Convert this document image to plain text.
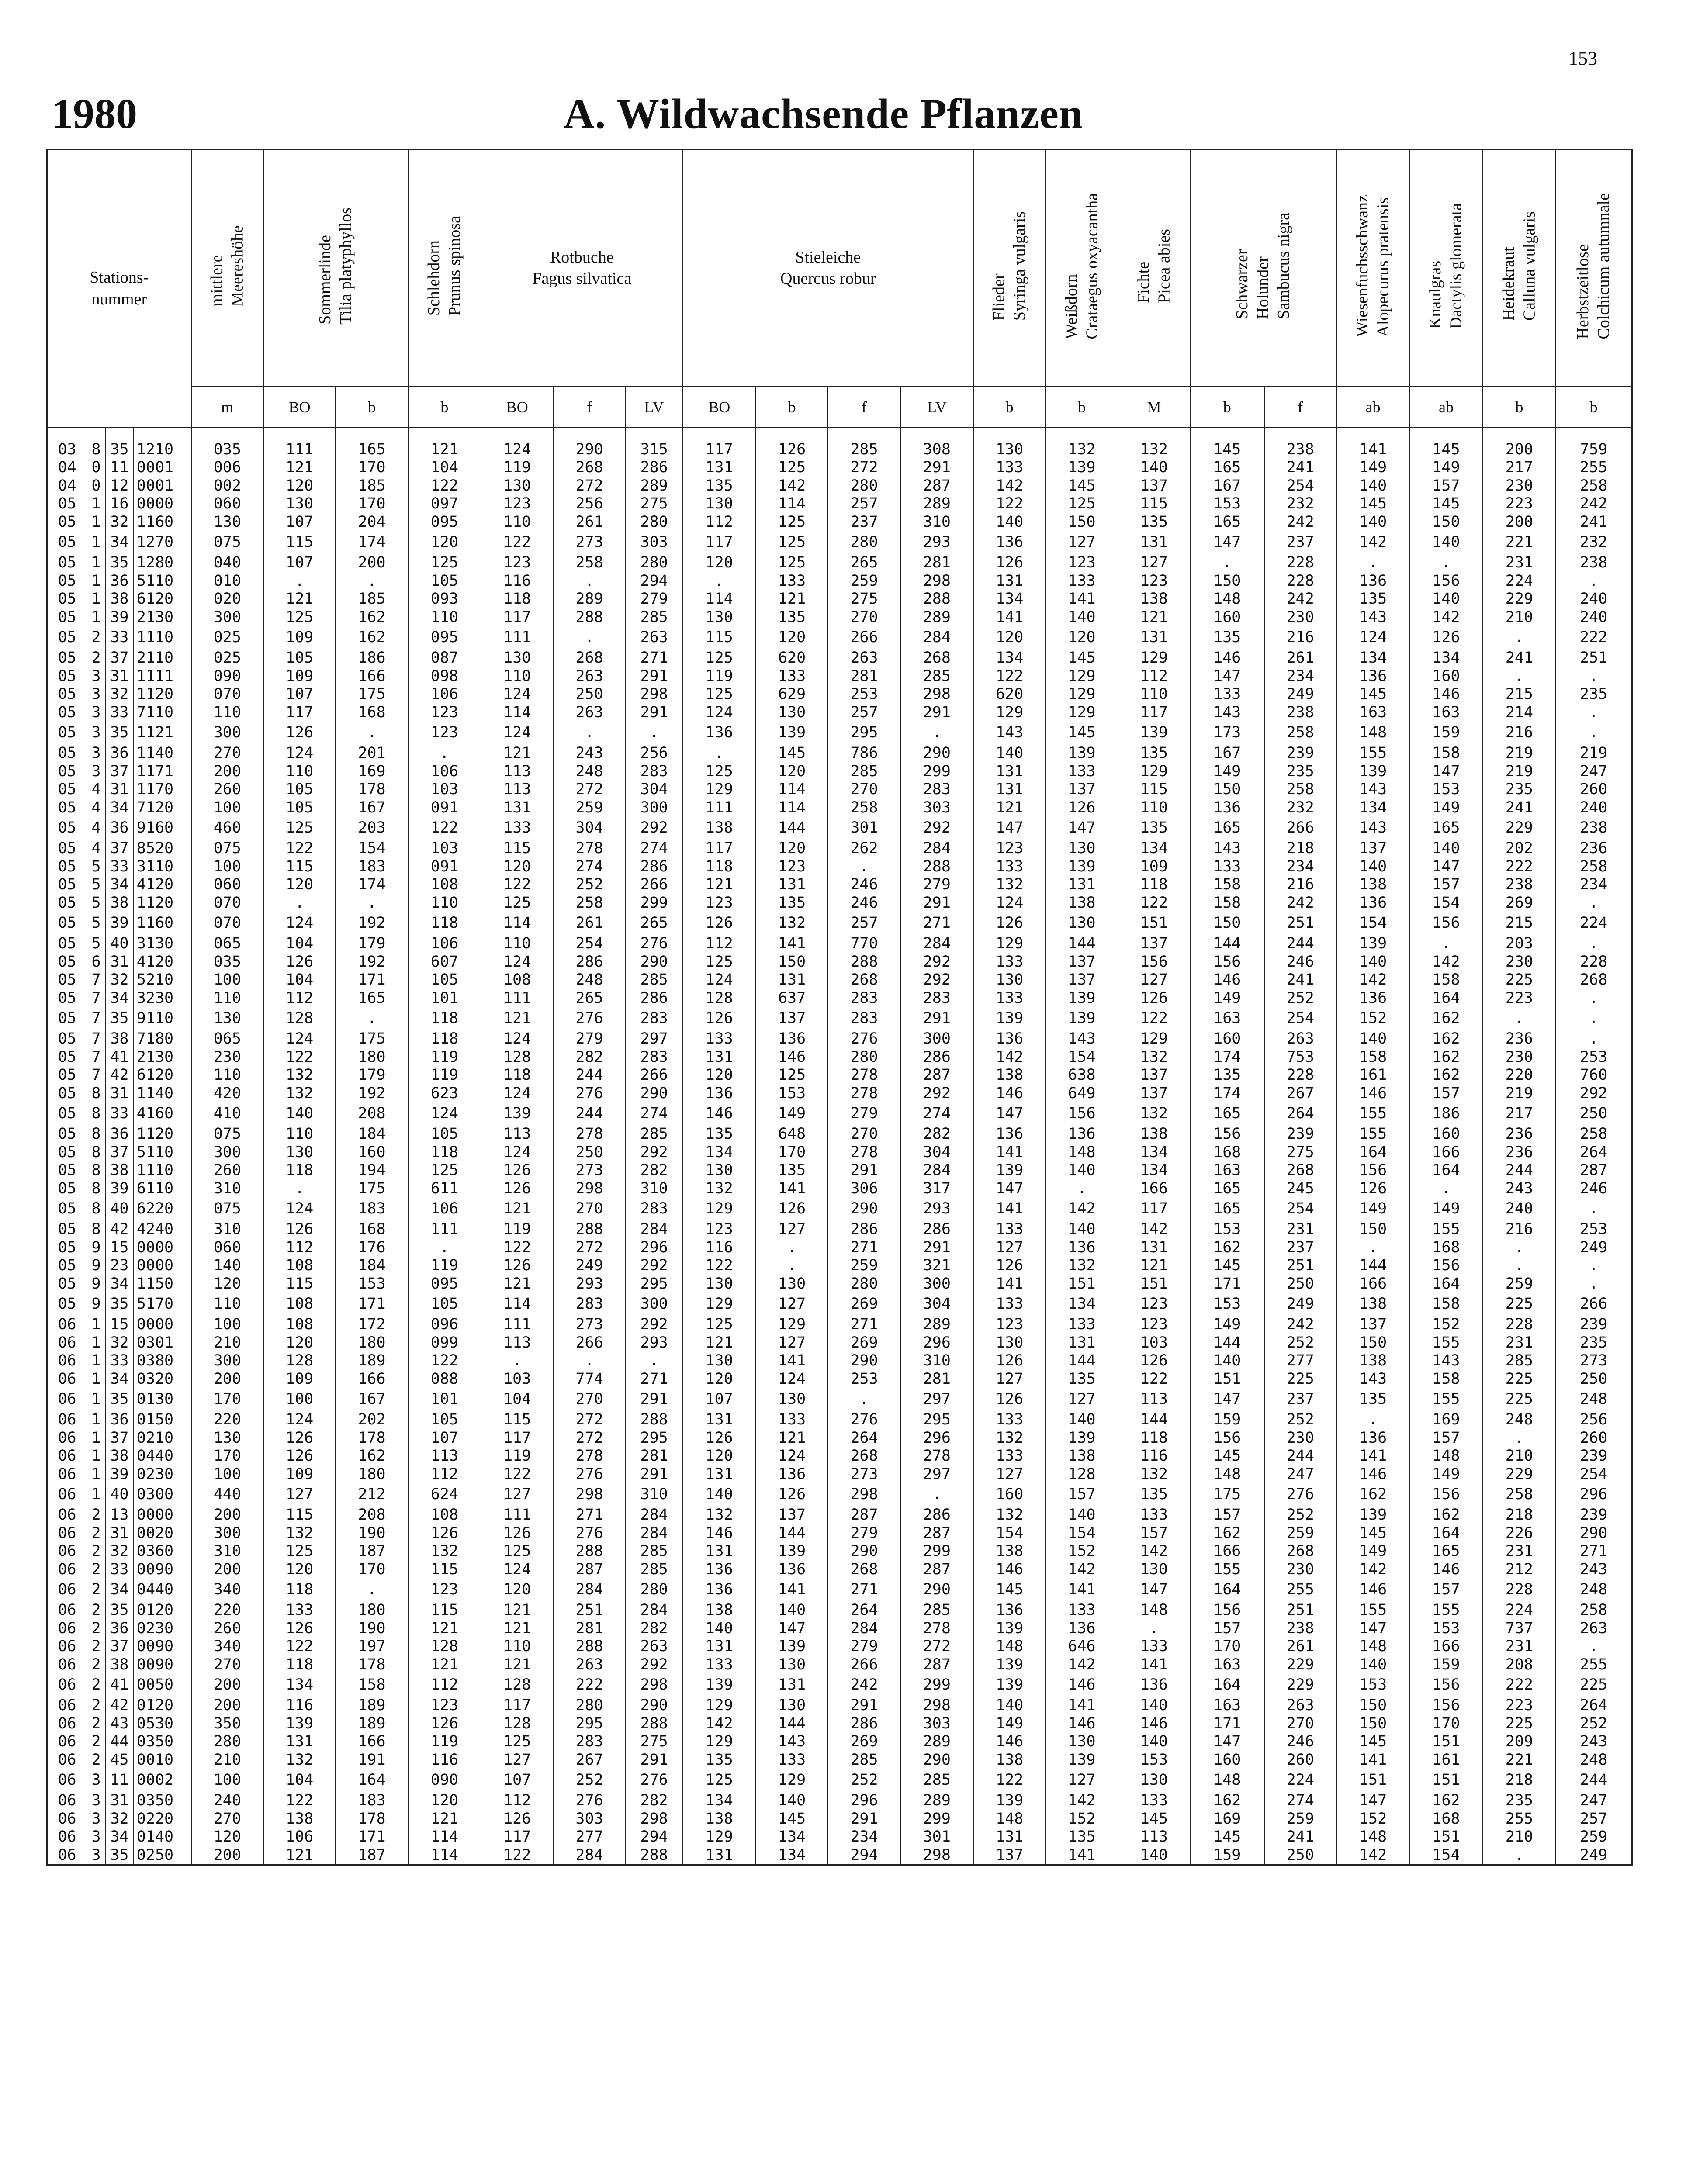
153
1980	A. Wildwachsende Pflanzen
Stations-
nummer				mittlere
Meereshöhe	Sommerlinde
Tilia platyphyllos		Schlehdorn
Prunus spinosa	Rotbuche
Fagus silvatica			Stieleiche
Quercus robur				Flieder
Syringa vulgaris	Weißdorn
Crataegus oxyacantha	Fichte
Picea abies	Schwarzer
Holunder
Sambucus nigra		Wiesenfuchsschwanz
Alopecurus pratensis	Knaulgras
Dactylis glomerata	Heidekraut
Calluna vulgaris	Herbstzeitlose
Colchicum autumnale
				m	BO	b	b	BO	f	LV	BO	b	f	LV	b	b	M	b	f	ab	ab	b	b
03	8	35	1210	035	111	165	121	124	290	315	117	126	285	308	130	132	132	145	238	141	145	200	759
04	0	11	0001	006	121	170	104	119	268	286	131	125	272	291	133	139	140	165	241	149	149	217	255
04	0	12	0001	002	120	185	122	130	272	289	135	142	280	287	142	145	137	167	254	140	157	230	258
05	1	16	0000	060	130	170	097	123	256	275	130	114	257	289	122	125	115	153	232	145	145	223	242
05	1	32	1160	130	107	204	095	110	261	280	112	125	237	310	140	150	135	165	242	140	150	200	241
05	1	34	1270	075	115	174	120	122	273	303	117	125	280	293	136	127	131	147	237	142	140	221	232
05	1	35	1280	040	107	200	125	123	258	280	120	125	265	281	126	123	127	.	228	.	.	231	238
05	1	36	5110	010	.	.	105	116	.	294	.	133	259	298	131	133	123	150	228	136	156	224	.
05	1	38	6120	020	121	185	093	118	289	279	114	121	275	288	134	141	138	148	242	135	140	229	240
05	1	39	2130	300	125	162	110	117	288	285	130	135	270	289	141	140	121	160	230	143	142	210	240
05	2	33	1110	025	109	162	095	111	.	263	115	120	266	284	120	120	131	135	216	124	126	.	222
05	2	37	2110	025	105	186	087	130	268	271	125	620	263	268	134	145	129	146	261	134	134	241	251
05	3	31	1111	090	109	166	098	110	263	291	119	133	281	285	122	129	112	147	234	136	160	.	.
05	3	32	1120	070	107	175	106	124	250	298	125	629	253	298	620	129	110	133	249	145	146	215	235
05	3	33	7110	110	117	168	123	114	263	291	124	130	257	291	129	129	117	143	238	163	163	214	.
05	3	35	1121	300	126	.	123	124	.	.	136	139	295	.	143	145	139	173	258	148	159	216	.
05	3	36	1140	270	124	201	.	121	243	256	.	145	786	290	140	139	135	167	239	155	158	219	219
05	3	37	1171	200	110	169	106	113	248	283	125	120	285	299	131	133	129	149	235	139	147	219	247
05	4	31	1170	260	105	178	103	113	272	304	129	114	270	283	131	137	115	150	258	143	153	235	260
05	4	34	7120	100	105	167	091	131	259	300	111	114	258	303	121	126	110	136	232	134	149	241	240
05	4	36	9160	460	125	203	122	133	304	292	138	144	301	292	147	147	135	165	266	143	165	229	238
05	4	37	8520	075	122	154	103	115	278	274	117	120	262	284	123	130	134	143	218	137	140	202	236
05	5	33	3110	100	115	183	091	120	274	286	118	123	.	288	133	139	109	133	234	140	147	222	258
05	5	34	4120	060	120	174	108	122	252	266	121	131	246	279	132	131	118	158	216	138	157	238	234
05	5	38	1120	070	.	.	110	125	258	299	123	135	246	291	124	138	122	158	242	136	154	269	.
05	5	39	1160	070	124	192	118	114	261	265	126	132	257	271	126	130	151	150	251	154	156	215	224
05	5	40	3130	065	104	179	106	110	254	276	112	141	770	284	129	144	137	144	244	139	.	203	.
05	6	31	4120	035	126	192	607	124	286	290	125	150	288	292	133	137	156	156	246	140	142	230	228
05	7	32	5210	100	104	171	105	108	248	285	124	131	268	292	130	137	127	146	241	142	158	225	268
05	7	34	3230	110	112	165	101	111	265	286	128	637	283	283	133	139	126	149	252	136	164	223	.
05	7	35	9110	130	128	.	118	121	276	283	126	137	283	291	139	139	122	163	254	152	162	.	.
05	7	38	7180	065	124	175	118	124	279	297	133	136	276	300	136	143	129	160	263	140	162	236	.
05	7	41	2130	230	122	180	119	128	282	283	131	146	280	286	142	154	132	174	753	158	162	230	253
05	7	42	6120	110	132	179	119	118	244	266	120	125	278	287	138	638	137	135	228	161	162	220	760
05	8	31	1140	420	132	192	623	124	276	290	136	153	278	292	146	649	137	174	267	146	157	219	292
05	8	33	4160	410	140	208	124	139	244	274	146	149	279	274	147	156	132	165	264	155	186	217	250
05	8	36	1120	075	110	184	105	113	278	285	135	648	270	282	136	136	138	156	239	155	160	236	258
05	8	37	5110	300	130	160	118	124	250	292	134	170	278	304	141	148	134	168	275	164	166	236	264
05	8	38	1110	260	118	194	125	126	273	282	130	135	291	284	139	140	134	163	268	156	164	244	287
05	8	39	6110	310	.	175	611	126	298	310	132	141	306	317	147	.	166	165	245	126	.	243	246
05	8	40	6220	075	124	183	106	121	270	283	129	126	290	293	141	142	117	165	254	149	149	240	.
05	8	42	4240	310	126	168	111	119	288	284	123	127	286	286	133	140	142	153	231	150	155	216	253
05	9	15	0000	060	112	176	.	122	272	296	116	.	271	291	127	136	131	162	237	.	168	.	249
05	9	23	0000	140	108	184	119	126	249	292	122	.	259	321	126	132	121	145	251	144	156	.	.
05	9	34	1150	120	115	153	095	121	293	295	130	130	280	300	141	151	151	171	250	166	164	259	.
05	9	35	5170	110	108	171	105	114	283	300	129	127	269	304	133	134	123	153	249	138	158	225	266
06	1	15	0000	100	108	172	096	111	273	292	125	129	271	289	123	133	123	149	242	137	152	228	239
06	1	32	0301	210	120	180	099	113	266	293	121	127	269	296	130	131	103	144	252	150	155	231	235
06	1	33	0380	300	128	189	122	.	.	.	130	141	290	310	126	144	126	140	277	138	143	285	273
06	1	34	0320	200	109	166	088	103	774	271	120	124	253	281	127	135	122	151	225	143	158	225	250
06	1	35	0130	170	100	167	101	104	270	291	107	130	.	297	126	127	113	147	237	135	155	225	248
06	1	36	0150	220	124	202	105	115	272	288	131	133	276	295	133	140	144	159	252	.	169	248	256
06	1	37	0210	130	126	178	107	117	272	295	126	121	264	296	132	139	118	156	230	136	157	.	260
06	1	38	0440	170	126	162	113	119	278	281	120	124	268	278	133	138	116	145	244	141	148	210	239
06	1	39	0230	100	109	180	112	122	276	291	131	136	273	297	127	128	132	148	247	146	149	229	254
06	1	40	0300	440	127	212	624	127	298	310	140	126	298	.	160	157	135	175	276	162	156	258	296
06	2	13	0000	200	115	208	108	111	271	284	132	137	287	286	132	140	133	157	252	139	162	218	239
06	2	31	0020	300	132	190	126	126	276	284	146	144	279	287	154	154	157	162	259	145	164	226	290
06	2	32	0360	310	125	187	132	125	288	285	131	139	290	299	138	152	142	166	268	149	165	231	271
06	2	33	0090	200	120	170	115	124	287	285	136	136	268	287	146	142	130	155	230	142	146	212	243
06	2	34	0440	340	118	.	123	120	284	280	136	141	271	290	145	141	147	164	255	146	157	228	248
06	2	35	0120	220	133	180	115	121	251	284	138	140	264	285	136	133	148	156	251	155	155	224	258
06	2	36	0230	260	126	190	121	121	281	282	140	147	284	278	139	136	.	157	238	147	153	737	263
06	2	37	0090	340	122	197	128	110	288	263	131	139	279	272	148	646	133	170	261	148	166	231	.
06	2	38	0090	270	118	178	121	121	263	292	133	130	266	287	139	142	141	163	229	140	159	208	255
06	2	41	0050	200	134	158	112	128	222	298	139	131	242	299	139	146	136	164	229	153	156	222	225
06	2	42	0120	200	116	189	123	117	280	290	129	130	291	298	140	141	140	163	263	150	156	223	264
06	2	43	0530	350	139	189	126	128	295	288	142	144	286	303	149	146	146	171	270	150	170	225	252
06	2	44	0350	280	131	166	119	125	283	275	129	143	269	289	146	130	140	147	246	145	151	209	243
06	2	45	0010	210	132	191	116	127	267	291	135	133	285	290	138	139	153	160	260	141	161	221	248
06	3	11	0002	100	104	164	090	107	252	276	125	129	252	285	122	127	130	148	224	151	151	218	244
06	3	31	0350	240	122	183	120	112	276	282	134	140	296	289	139	142	133	162	274	147	162	235	247
06	3	32	0220	270	138	178	121	126	303	298	138	145	291	299	148	152	145	169	259	152	168	255	257
06	3	34	0140	120	106	171	114	117	277	294	129	134	234	301	131	135	113	145	241	148	151	210	259
06	3	35	0250	200	121	187	114	122	284	288	131	134	294	298	137	141	140	159	250	142	154	.	249
